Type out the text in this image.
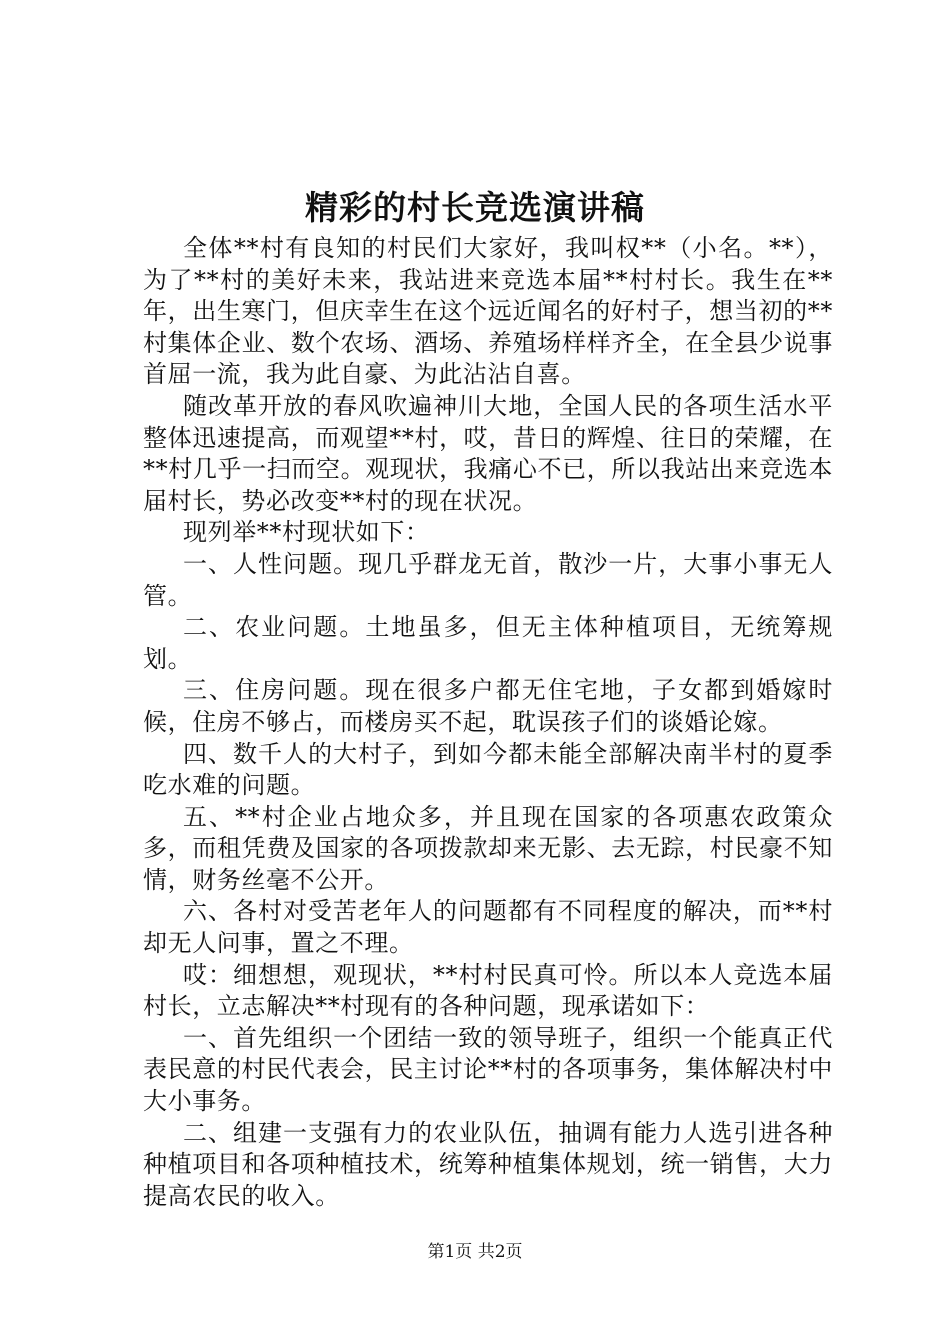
精彩的村长竞选演讲稿

全体**村有良知的村民们大家好，我叫权**（小名。**），为了**村的美好未来，我站进来竞选本届**村村长。我生在**年，出生寒门，但庆幸生在这个远近闻名的好村子，想当初的**村集体企业、数个农场、酒场、养殖场样样齐全，在全县少说事首屈一流，我为此自豪、为此沾沾自喜。

随改革开放的春风吹遍神川大地，全国人民的各项生活水平整体迅速提高，而观望**村，哎，昔日的辉煌、往日的荣耀，在**村几乎一扫而空。观现状，我痛心不已，所以我站出来竞选本届村长，势必改变**村的现在状况。

现列举**村现状如下：

一、人性问题。现几乎群龙无首，散沙一片，大事小事无人管。

二、农业问题。土地虽多，但无主体种植项目，无统筹规划。

三、住房问题。现在很多户都无住宅地，子女都到婚嫁时候，住房不够占，而楼房买不起，耽误孩子们的谈婚论嫁。

四、数千人的大村子，到如今都未能全部解决南半村的夏季吃水难的问题。

五、**村企业占地众多，并且现在国家的各项惠农政策众多，而租凭费及国家的各项拨款却来无影、去无踪，村民豪不知情，财务丝毫不公开。

六、各村对受苦老年人的问题都有不同程度的解决，而**村却无人问事，置之不理。

哎：细想想，观现状，**村村民真可怜。所以本人竞选本届村长，立志解决**村现有的各种问题，现承诺如下：

一、首先组织一个团结一致的领导班子，组织一个能真正代表民意的村民代表会，民主讨论**村的各项事务，集体解决村中大小事务。

二、组建一支强有力的农业队伍，抽调有能力人选引进各种种植项目和各项种植技术，统筹种植集体规划，统一销售，大力提高农民的收入。

第1页 共2页
